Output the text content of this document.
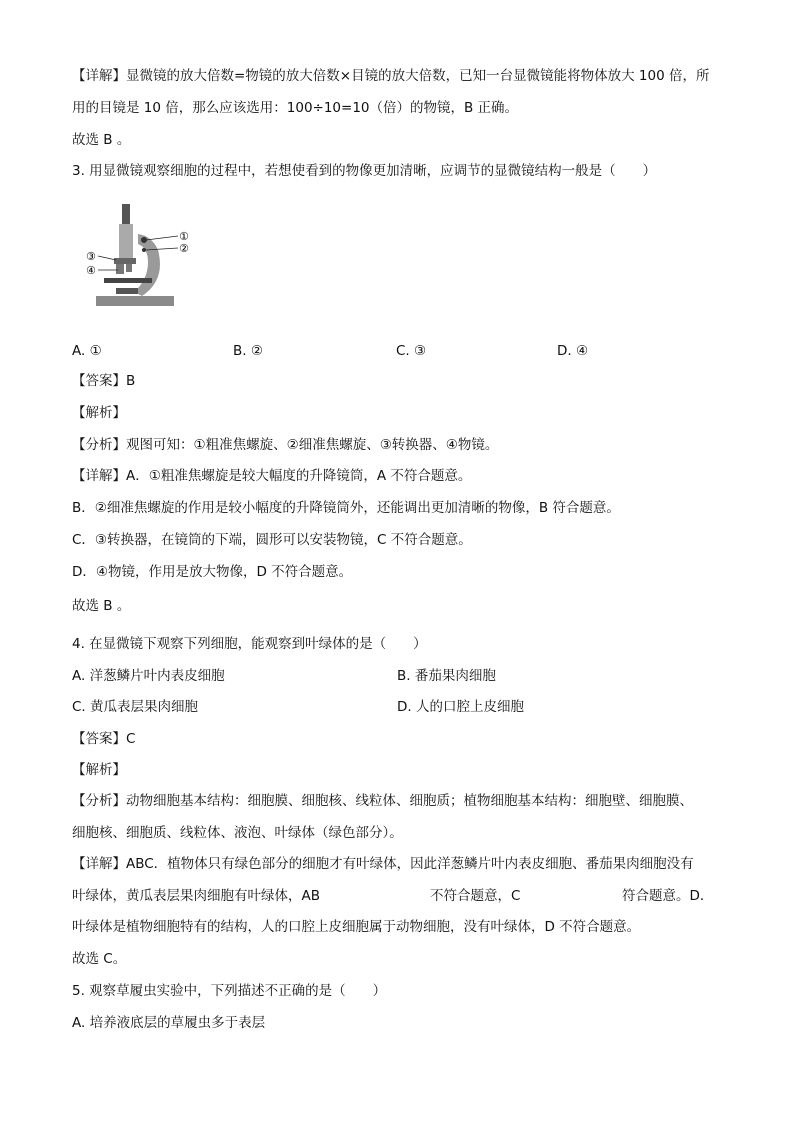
【详解】显微镜的放大倍数=物镜的放大倍数×目镜的放大倍数，已知一台显微镜能将物体放大 100 倍，所
用的目镜是 10 倍，那么应该选用：100÷10=10（倍）的物镜，B 正确。
故选 B 。
3. 用显微镜观察细胞的过程中，若想使看到的物像更加清晰，应调节的显微镜结构一般是（　　）
①
②
③
④
A. ①	B. ②	C. ③	D. ④
【答案】B
【解析】
【分析】观图可知：①粗准焦螺旋、②细准焦螺旋、③转换器、④物镜。
【详解】A．①粗准焦螺旋是较大幅度的升降镜筒，A 不符合题意。
B．②细准焦螺旋的作用是较小幅度的升降镜筒外，还能调出更加清晰的物像，B 符合题意。
C．③转换器，在镜筒的下端，圆形可以安装物镜，C 不符合题意。
D．④物镜，作用是放大物像，D 不符合题意。
故选 B 。
4. 在显微镜下观察下列细胞，能观察到叶绿体的是（　　）
A. 洋葱鳞片叶内表皮细胞	B. 番茄果肉细胞
C. 黄瓜表层果肉细胞	D. 人的口腔上皮细胞
【答案】C
【解析】
【分析】动物细胞基本结构：细胞膜、细胞核、线粒体、细胞质；植物细胞基本结构：细胞壁、细胞膜、
细胞核、细胞质、线粒体、液泡、叶绿体（绿色部分）。
【详解】ABC．植物体只有绿色部分的细胞才有叶绿体，因此洋葱鳞片叶内表皮细胞、番茄果肉细胞没有
叶绿体，黄瓜表层果肉细胞有叶绿体，AB	不符合题意，C	符合题意。D．
叶绿体是植物细胞特有的结构，人的口腔上皮细胞属于动物细胞，没有叶绿体，D 不符合题意。
故选 C。
5. 观察草履虫实验中，下列描述不正确的是（　　）
A. 培养液底层的草履虫多于表层
